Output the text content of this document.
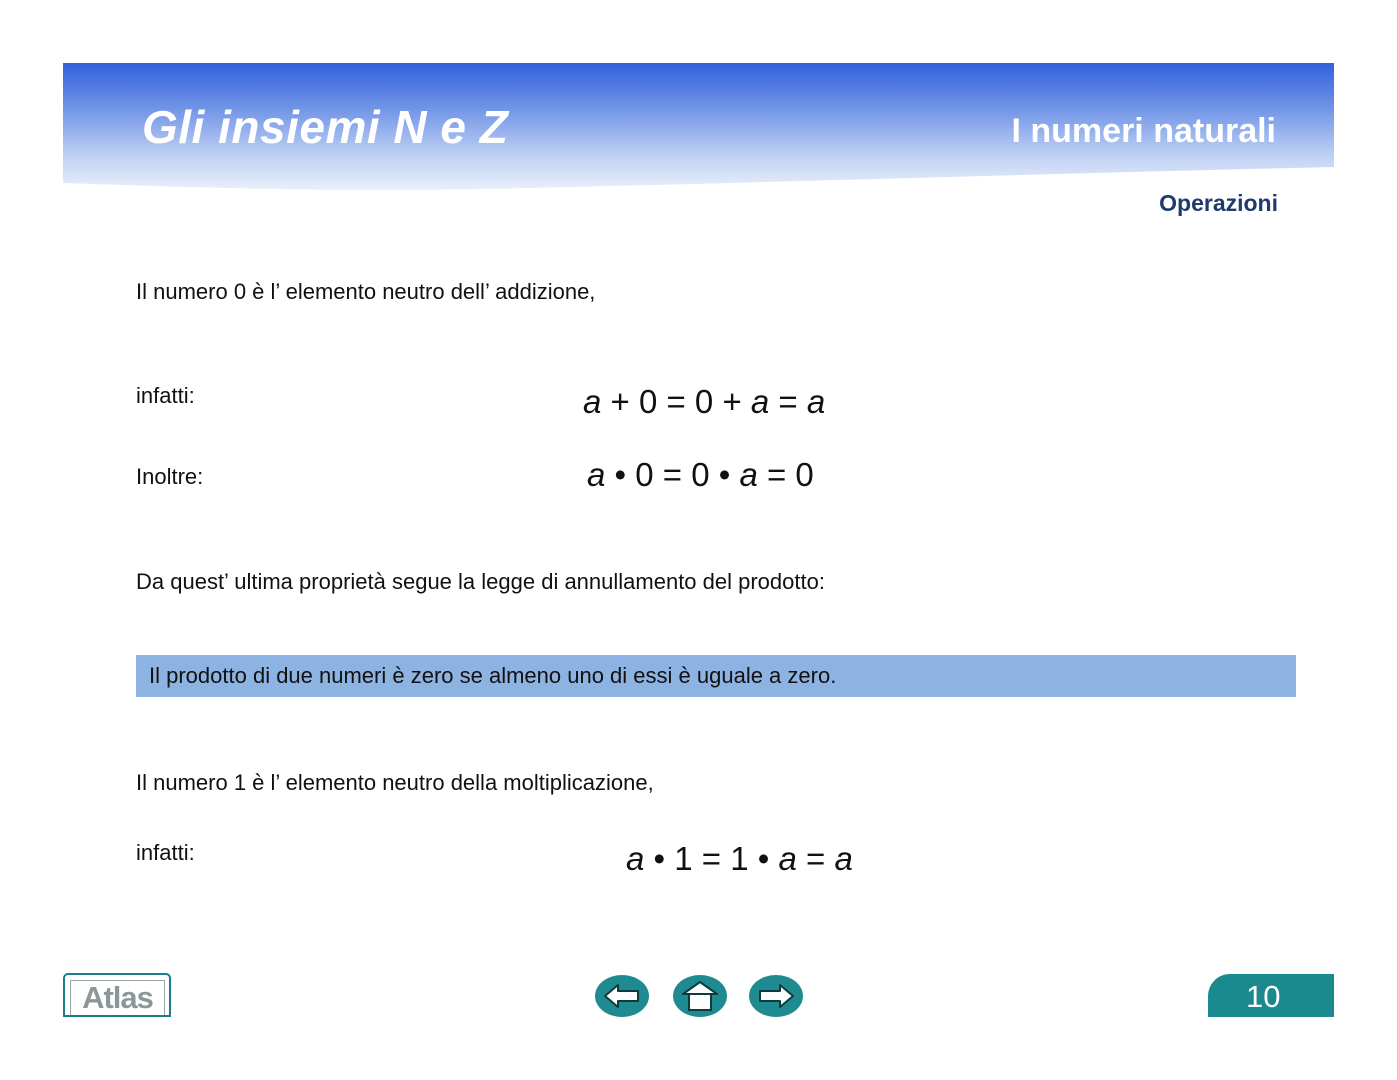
Gli insiemi N e Z	I numeri naturali
Operazioni
Il numero 0 è l’ elemento neutro dell’ addizione,
infatti:	a + 0 = 0 + a = a
Inoltre:	a • 0 = 0 • a = 0
Da quest’ ultima proprietà segue la legge di annullamento del prodotto:
Il prodotto di due numeri è zero se almeno uno di essi è uguale a zero.
Il numero 1 è l’ elemento neutro della moltiplicazione,
infatti:	a • 1 = 1 • a = a
Atlas	10
